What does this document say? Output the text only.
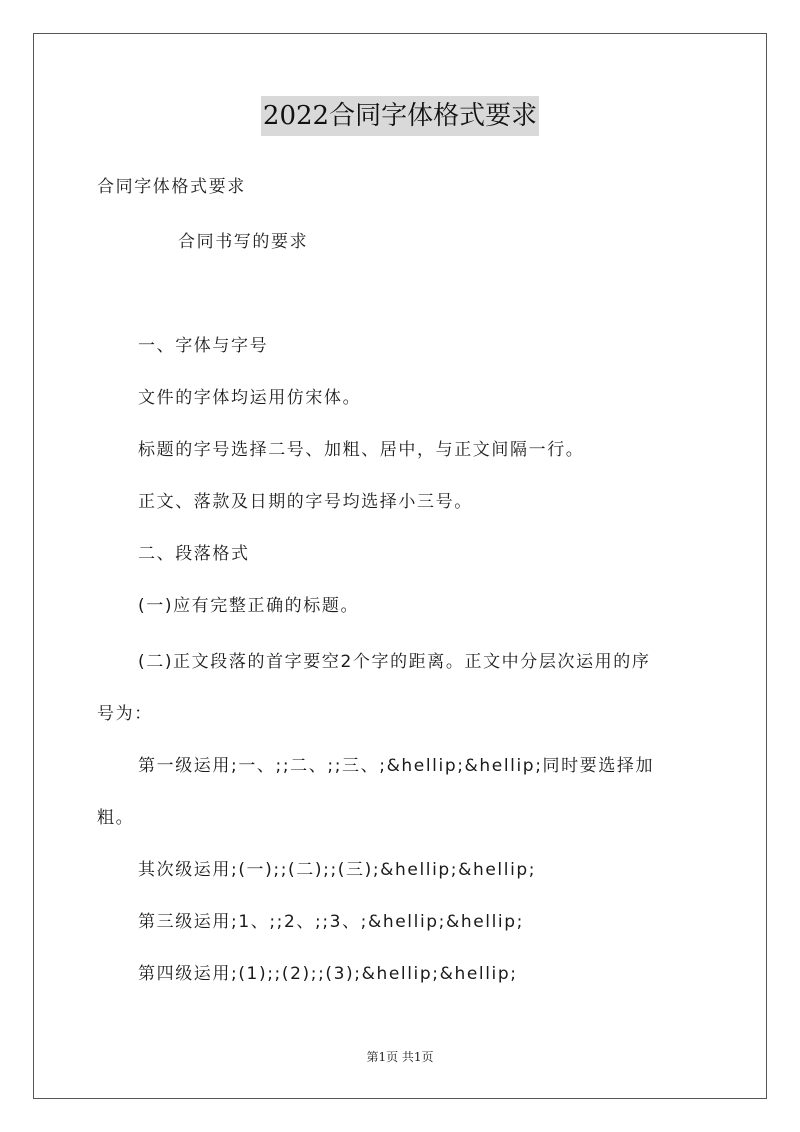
2022合同字体格式要求
合同字体格式要求
合同书写的要求
一、字体与字号
文件的字体均运用仿宋体。
标题的字号选择二号、加粗、居中，与正文间隔一行。
正文、落款及日期的字号均选择小三号。
二、段落格式
(一)应有完整正确的标题。
(二)正文段落的首字要空2个字的距离。正文中分层次运用的序
号为：
第一级运用;一、;;二、;;三、;&hellip;&hellip;同时要选择加
粗。
其次级运用;(一);;(二);;(三);&hellip;&hellip;
第三级运用;1、;;2、;;3、;&hellip;&hellip;
第四级运用;(1);;(2);;(3);&hellip;&hellip;
第1页 共1页
